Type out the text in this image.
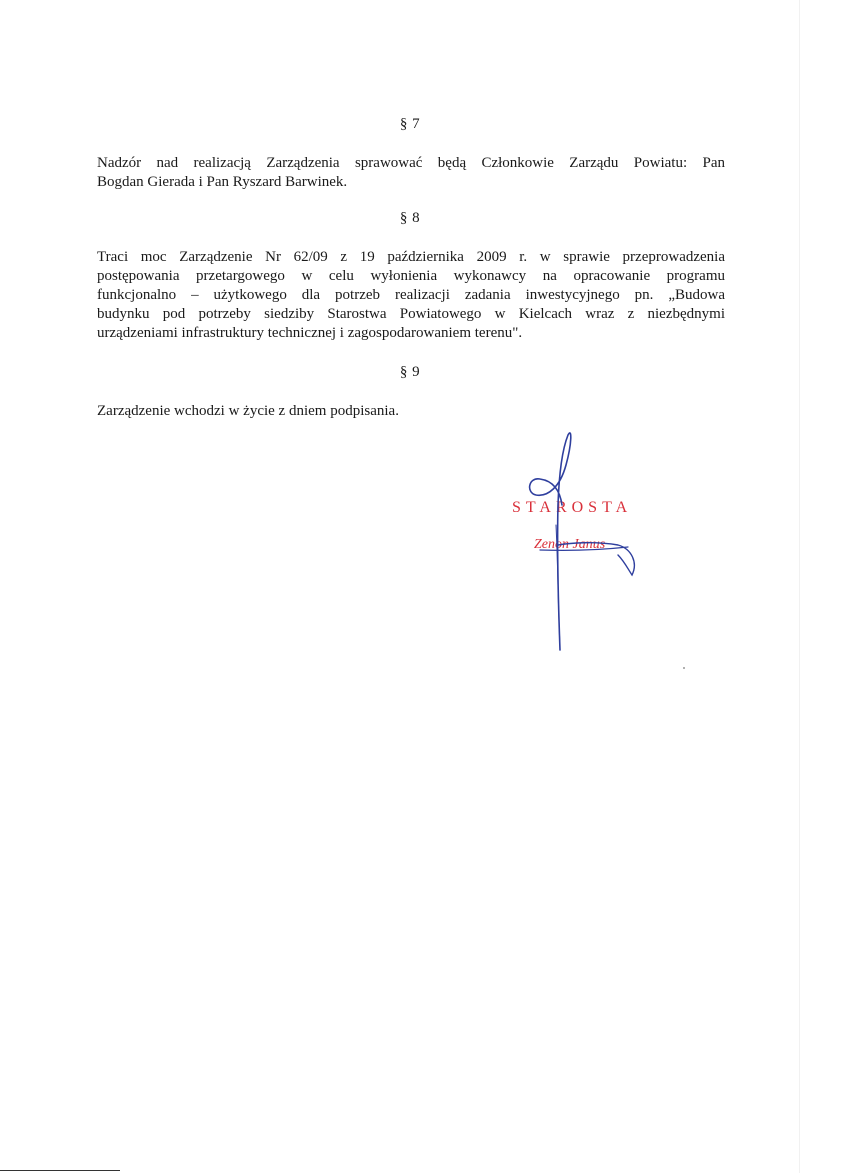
§ 7
Nadzór nad realizacją Zarządzenia sprawować będą Członkowie Zarządu Powiatu: Pan
Bogdan Gierada i Pan Ryszard Barwinek.
§ 8
Traci moc Zarządzenie Nr 62/09 z 19 października 2009 r. w sprawie przeprowadzenia
postępowania przetargowego w celu wyłonienia wykonawcy na opracowanie programu
funkcjonalno – użytkowego dla potrzeb realizacji zadania inwestycyjnego pn. „Budowa
budynku pod potrzeby siedziby Starostwa Powiatowego w Kielcach wraz z niezbędnymi
urządzeniami infrastruktury technicznej i zagospodarowaniem terenu".
§ 9
Zarządzenie wchodzi w życie z dniem podpisania.
STAROSTA
Zenon Janus
